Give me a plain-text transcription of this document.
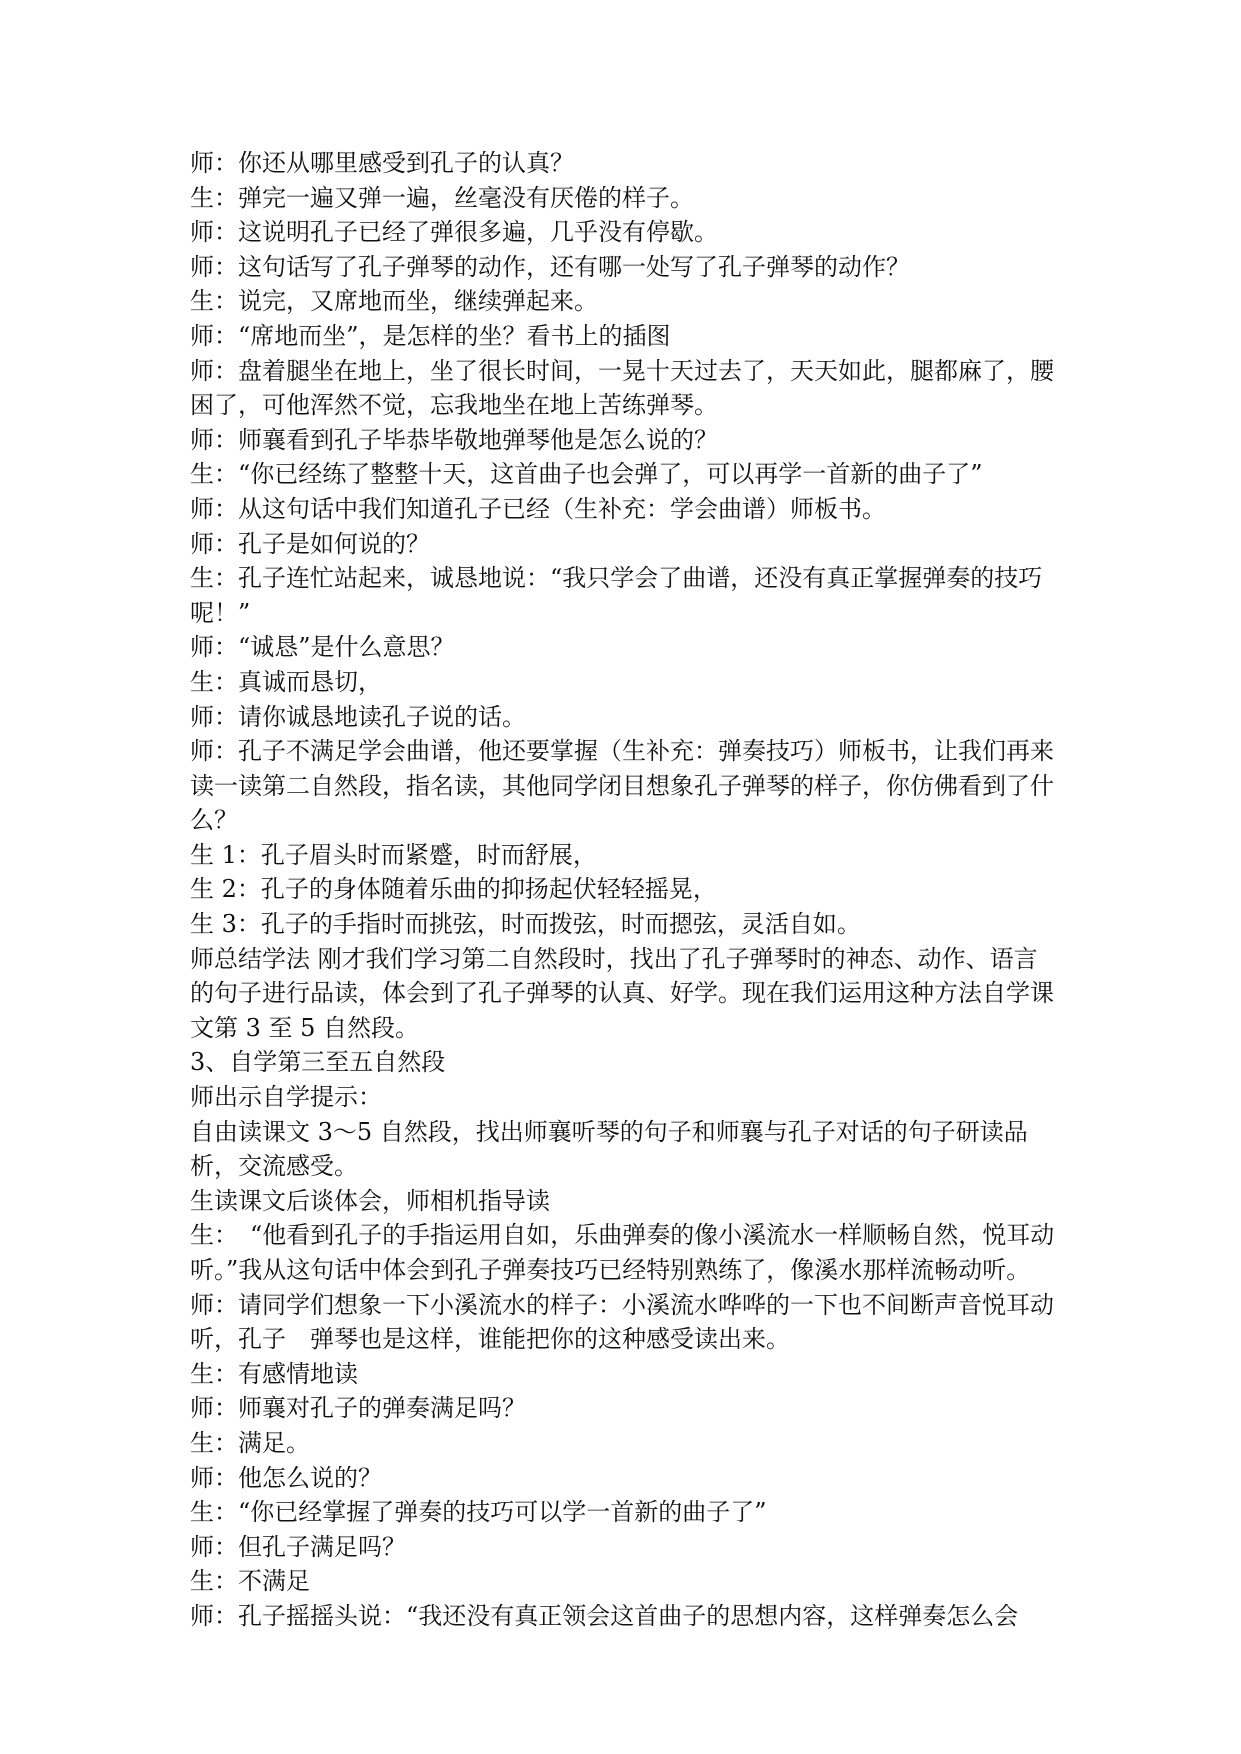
师：你还从哪里感受到孔子的认真？

生：弹完一遍又弹一遍，丝毫没有厌倦的样子。

师：这说明孔子已经了弹很多遍，几乎没有停歇。

师：这句话写了孔子弹琴的动作，还有哪一处写了孔子弹琴的动作？

生：说完，又席地而坐，继续弹起来。

师：“席地而坐”，是怎样的坐？看书上的插图

师：盘着腿坐在地上，坐了很长时间，一晃十天过去了，天天如此，腿都麻了，腰困了，可他浑然不觉，忘我地坐在地上苦练弹琴。

师：师襄看到孔子毕恭毕敬地弹琴他是怎么说的？

生：“你已经练了整整十天，这首曲子也会弹了，可以再学一首新的曲子了”

师：从这句话中我们知道孔子已经（生补充：学会曲谱）师板书。

师：孔子是如何说的？

生：孔子连忙站起来，诚恳地说：“我只学会了曲谱，还没有真正掌握弹奏的技巧呢！”

师：“诚恳”是什么意思？

生：真诚而恳切，

师：请你诚恳地读孔子说的话。

师：孔子不满足学会曲谱，他还要掌握（生补充：弹奏技巧）师板书，让我们再来读一读第二自然段，指名读，其他同学闭目想象孔子弹琴的样子，你仿佛看到了什么？

生 1：孔子眉头时而紧蹙，时而舒展，

生 2：孔子的身体随着乐曲的抑扬起伏轻轻摇晃，

生 3：孔子的手指时而挑弦，时而拨弦，时而摁弦，灵活自如。

师总结学法 刚才我们学习第二自然段时，找出了孔子弹琴时的神态、动作、语言的句子进行品读，体会到了孔子弹琴的认真、好学。现在我们运用这种方法自学课文第 3 至 5 自然段。

3、自学第三至五自然段

师出示自学提示：

自由读课文 3～5 自然段，找出师襄听琴的句子和师襄与孔子对话的句子研读品析，交流感受。

生读课文后谈体会，师相机指导读

生：　“他看到孔子的手指运用自如，乐曲弹奏的像小溪流水一样顺畅自然，悦耳动听。”我从这句话中体会到孔子弹奏技巧已经特别熟练了，像溪水那样流畅动听。

师：请同学们想象一下小溪流水的样子：小溪流水哗哗的一下也不间断声音悦耳动听，孔子　弹琴也是这样，谁能把你的这种感受读出来。

生：有感情地读

师：师襄对孔子的弹奏满足吗？

生：满足。

师：他怎么说的？

生：“你已经掌握了弹奏的技巧可以学一首新的曲子了”

师：但孔子满足吗？

生：不满足

师：孔子摇摇头说：“我还没有真正领会这首曲子的思想内容，这样弹奏怎么会
